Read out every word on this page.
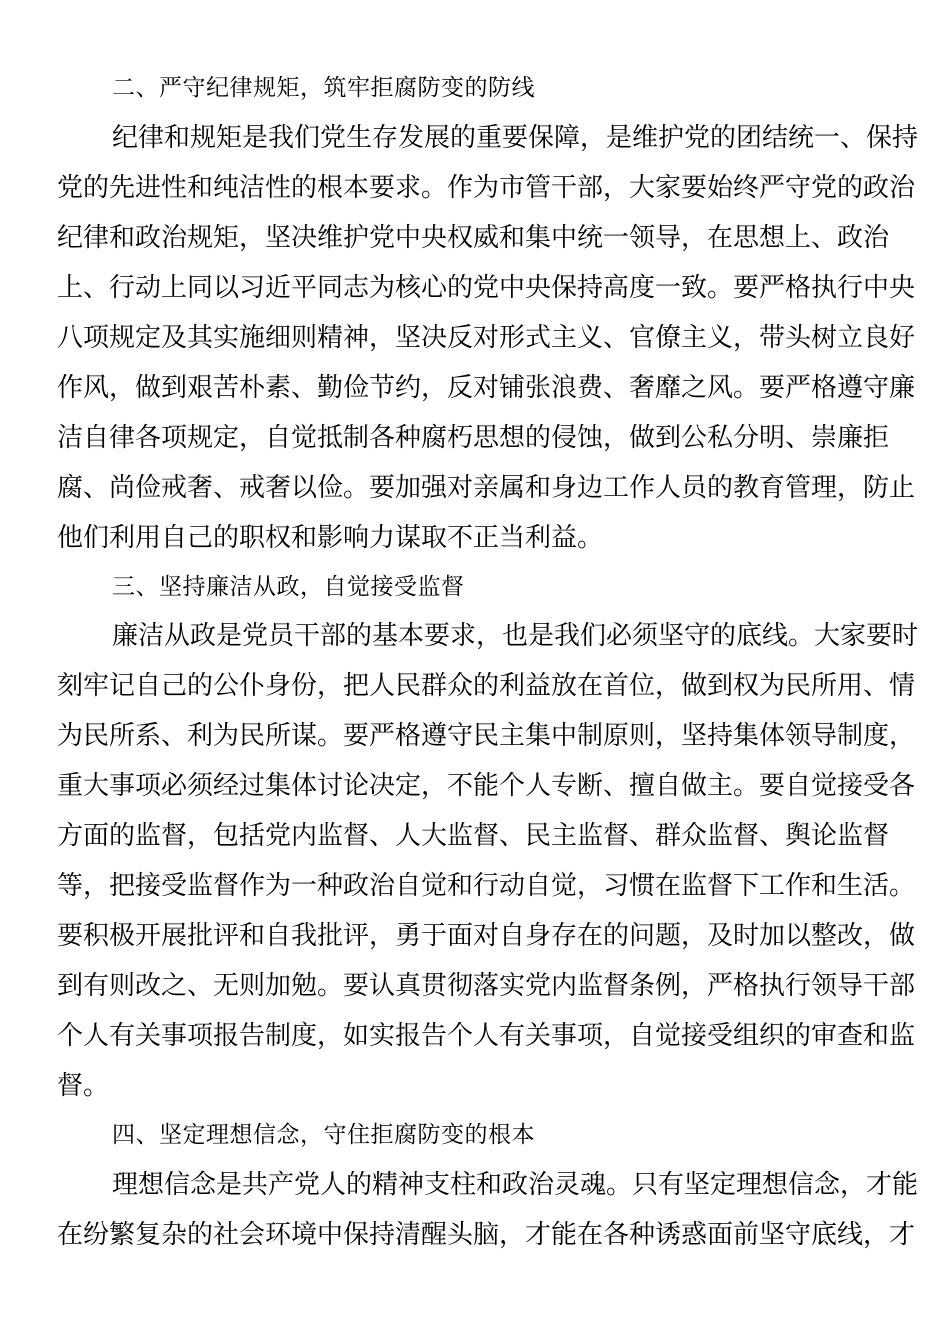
二、严守纪律规矩，筑牢拒腐防变的防线
纪律和规矩是我们党生存发展的重要保障，是维护党的团结统一、保持
党的先进性和纯洁性的根本要求。作为市管干部，大家要始终严守党的政治
纪律和政治规矩，坚决维护党中央权威和集中统一领导，在思想上、政治
上、行动上同以习近平同志为核心的党中央保持高度一致。要严格执行中央
八项规定及其实施细则精神，坚决反对形式主义、官僚主义，带头树立良好
作风，做到艰苦朴素、勤俭节约，反对铺张浪费、奢靡之风。要严格遵守廉
洁自律各项规定，自觉抵制各种腐朽思想的侵蚀，做到公私分明、崇廉拒
腐、尚俭戒奢、戒奢以俭。要加强对亲属和身边工作人员的教育管理，防止
他们利用自己的职权和影响力谋取不正当利益。
三、坚持廉洁从政，自觉接受监督
廉洁从政是党员干部的基本要求，也是我们必须坚守的底线。大家要时
刻牢记自己的公仆身份，把人民群众的利益放在首位，做到权为民所用、情
为民所系、利为民所谋。要严格遵守民主集中制原则，坚持集体领导制度，
重大事项必须经过集体讨论决定，不能个人专断、擅自做主。要自觉接受各
方面的监督，包括党内监督、人大监督、民主监督、群众监督、舆论监督
等，把接受监督作为一种政治自觉和行动自觉，习惯在监督下工作和生活。
要积极开展批评和自我批评，勇于面对自身存在的问题，及时加以整改，做
到有则改之、无则加勉。要认真贯彻落实党内监督条例，严格执行领导干部
个人有关事项报告制度，如实报告个人有关事项，自觉接受组织的审查和监
督。
四、坚定理想信念，守住拒腐防变的根本
理想信念是共产党人的精神支柱和政治灵魂。只有坚定理想信念，才能
在纷繁复杂的社会环境中保持清醒头脑，才能在各种诱惑面前坚守底线，才
